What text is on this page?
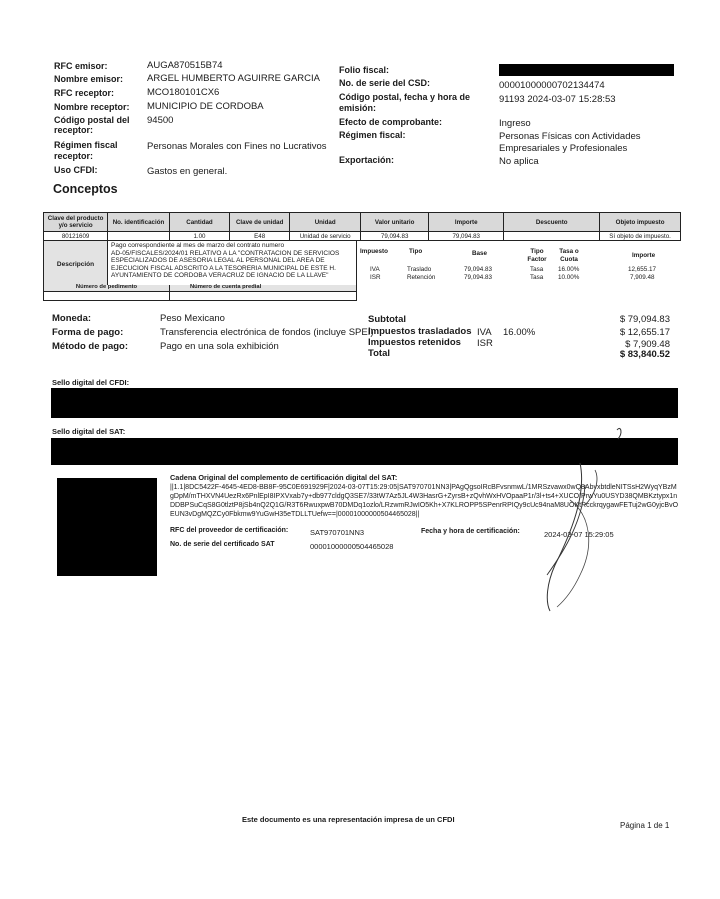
RFC emisor:	AUGA870515B74
Nombre emisor:	ARGEL HUMBERTO AGUIRRE GARCIA
RFC receptor:	MCO180101CX6
Nombre receptor: MUNICIPIO DE CORDOBA
Código postal del
receptor:
94500
Régimen fiscal
receptor:
Personas Morales con Fines no Lucrativos
Uso CFDI:	Gastos en general.
Folio fiscal:
No. de serie del CSD:	00001000000702134474
Código postal, fecha y hora de
emisión:
91193 2024-03-07 15:28:53
Efecto de comprobante:	Ingreso
Régimen fiscal:	Personas Físicas con Actividades
Empresariales y Profesionales
Exportación:	No aplica
Conceptos
Clave del producto y/o servicio	No. identificación	Cantidad	Clave de unidad	Unidad	Valor unitario	Importe	Descuento	Objeto impuesto
80121609		1.00	E48	Unidad de servicio	79,094.83	79,094.83		Sí objeto de impuesto.
Descripción
Pago correspondiente al mes de marzo del contrato numero
AD-05/FISCALES/2024/01 RELATIVO A LA "CONTRATACION DE SERVICIOS
ESPECIALIZADOS DE ASESORIA LEGAL AL PERSONAL DEL AREA DE
EJECUCION FISCAL ADSCRITO A LA TESORERIA MUNICIPAL DE ESTE H.
AYUNTAMIENTO DE CORDOBA VERACRUZ DE IGNACIO DE LA LLAVE"
Número de pedimento	Número de cuenta predial
Impuesto	Tipo	Base	Tipo Factor
Tasa o Cuota
Importe
IVA	Traslado	79,094.83	Tasa 16.00%	12,655.17
ISR	Retención	79,094.83	Tasa 10.00%	7,909.48
Moneda:	Peso Mexicano
Forma de pago:	Transferencia electrónica de fondos (incluye SPEI)
Método de pago:	Pago en una sola exhibición
Subtotal	$ 79,094.83
Impuestos trasladados IVA 16.00%	$ 12,655.17
Impuestos retenidos ISR	$ 7,909.48
Total	$ 83,840.52
Sello digital del CFDI:
Sello digital del SAT:
Cadena Original del complemento de certificación digital del SAT:
||1.1|8DC5422F-4645-4ED8-BB8F-95C0E691929F|2024-03-07T15:29:05|SAT970701NN3|PAgQgsoIRcBFvsnmwL/1MRSzvawx0wQ8AbvxbtdleNITSsH2WyqYBzMgDpM/mTHXVN4UezRx6PnlEpI8IPXVxab7y+db977cldgQ3SE7/33tW7Az5JL4W3HasrG+ZyrsB+zQvhWxHVOpaaP1r/3l+ts4+XUCOIPrwYu0USYD38QMBKztypx1nDDBPSuCqS8G0tlztP8jSb4nQ2Q1G/R3T6RwuxpwB70DMDq1ozlo/LRzwmRJwIO5Kh+X7KLROPP5SPenrRPIQy9cUc94naM8UOKtRcckrqygawFETuj2wG0yjcBvOEUN3vDgMQZCy0Fbkmw9YuGwH35eTDLLTUefw==|00001000000504465028||
RFC del proveedor de certificación:	SAT970701NN3	Fecha y hora de certificación:	2024-03-07 15:29:05
No. de serie del certificado SAT	00001000000504465028
Este documento es una representación impresa de un CFDI
Página 1 de 1
